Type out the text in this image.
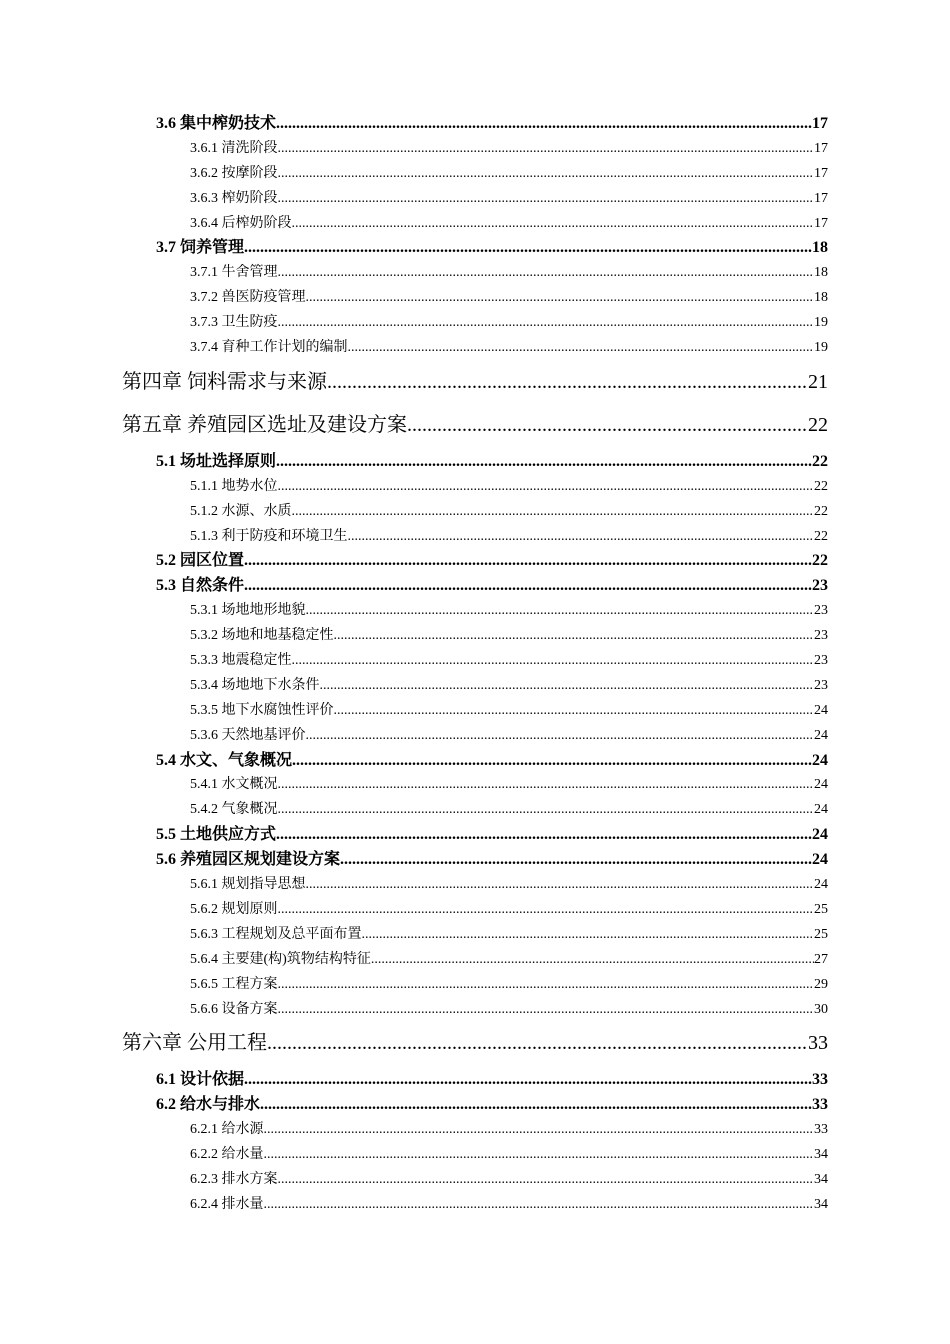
3.6 集中榨奶技术 .....	17
3.6.1 清洗阶段 .....	17
3.6.2 按摩阶段 .....	17
3.6.3 榨奶阶段 .....	17
3.6.4 后榨奶阶段 .....	17
3.7 饲养管理 .....	18
3.7.1 牛舍管理 .....	18
3.7.2 兽医防疫管理 .....	18
3.7.3 卫生防疫 .....	19
3.7.4 育种工作计划的编制 .....	19
第四章 饲料需求与来源 .....	21
第五章 养殖园区选址及建设方案 .....	22
5.1 场址选择原则 .....	22
5.1.1 地势水位 .....	22
5.1.2 水源、水质 .....	22
5.1.3 利于防疫和环境卫生 .....	22
5.2 园区位置 .....	22
5.3 自然条件 .....	23
5.3.1 场地地形地貌 .....	23
5.3.2 场地和地基稳定性 .....	23
5.3.3 地震稳定性 .....	23
5.3.4 场地地下水条件 .....	23
5.3.5 地下水腐蚀性评价 .....	24
5.3.6 天然地基评价 .....	24
5.4 水文、气象概况 .....	24
5.4.1 水文概况 .....	24
5.4.2 气象概况 .....	24
5.5 土地供应方式 .....	24
5.6 养殖园区规划建设方案 .....	24
5.6.1 规划指导思想 .....	24
5.6.2 规划原则 .....	25
5.6.3 工程规划及总平面布置 .....	25
5.6.4 主要建(构)筑物结构特征 .....	27
5.6.5 工程方案 .....	29
5.6.6 设备方案 .....	30
第六章 公用工程 .....	33
6.1 设计依据 .....	33
6.2 给水与排水 .....	33
6.2.1 给水源 .....	33
6.2.2 给水量 .....	34
6.2.3 排水方案 .....	34
6.2.4 排水量 .....	34
